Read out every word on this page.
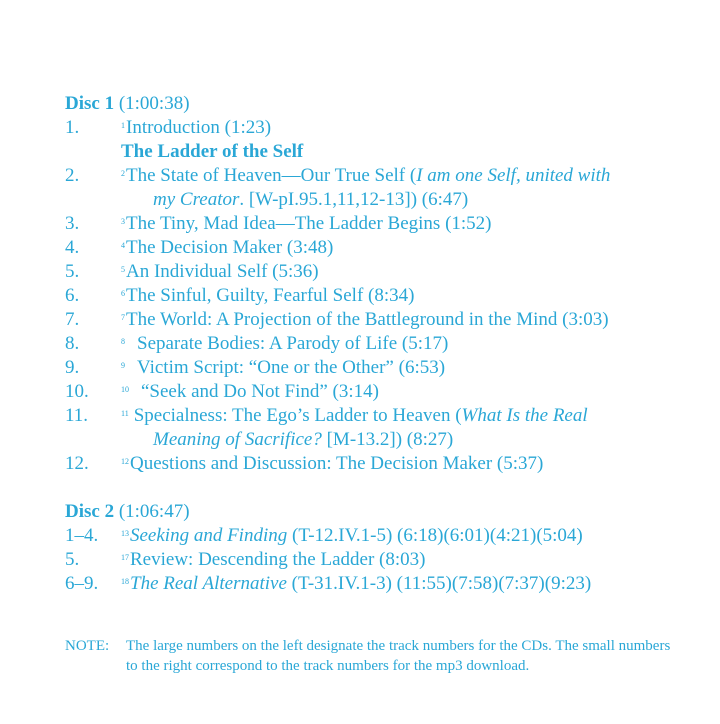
Disc 1 (1:00:38)
1.	$^1$Introduction (1:23)
The Ladder of the Self
2.	$^2$The State of Heaven—Our True Self (I am one Self, united with
my Creator. [W-pI.95.1,11,12-13]) (6:47)
3.	$^3$The Tiny, Mad Idea—The Ladder Begins (1:52)
4.	$^4$The Decision Maker (3:48)
5.	$^5$An Individual Self (5:36)
6.	$^6$The Sinful, Guilty, Fearful Self (8:34)
7.	$^7$The World: A Projection of the Battleground in the Mind (3:03)
8.	$^8$ Separate Bodies: A Parody of Life (5:17)
9.	$^9$ Victim Script: “One or the Other” (6:53)
10.	$^{10}$ “Seek and Do Not Find” (3:14)
11.	$^{11}$ Specialness: The Ego’s Ladder to Heaven (What Is the Real
Meaning of Sacrifice? [M-13.2]) (8:27)
12.	$^{12}$Questions and Discussion: The Decision Maker (5:37)
Disc 2 (1:06:47)
1–4.	$^{13}$Seeking and Finding (T-12.IV.1-5) (6:18)(6:01)(4:21)(5:04)
5.	$^{17}$Review: Descending the Ladder (8:03)
6–9.	$^{18}$The Real Alternative (T-31.IV.1-3) (11:55)(7:58)(7:37)(9:23)
NOTE:	The large numbers on the left designate the track numbers for the CDs. The small numbers to the right correspond to the track numbers for the mp3 download.
